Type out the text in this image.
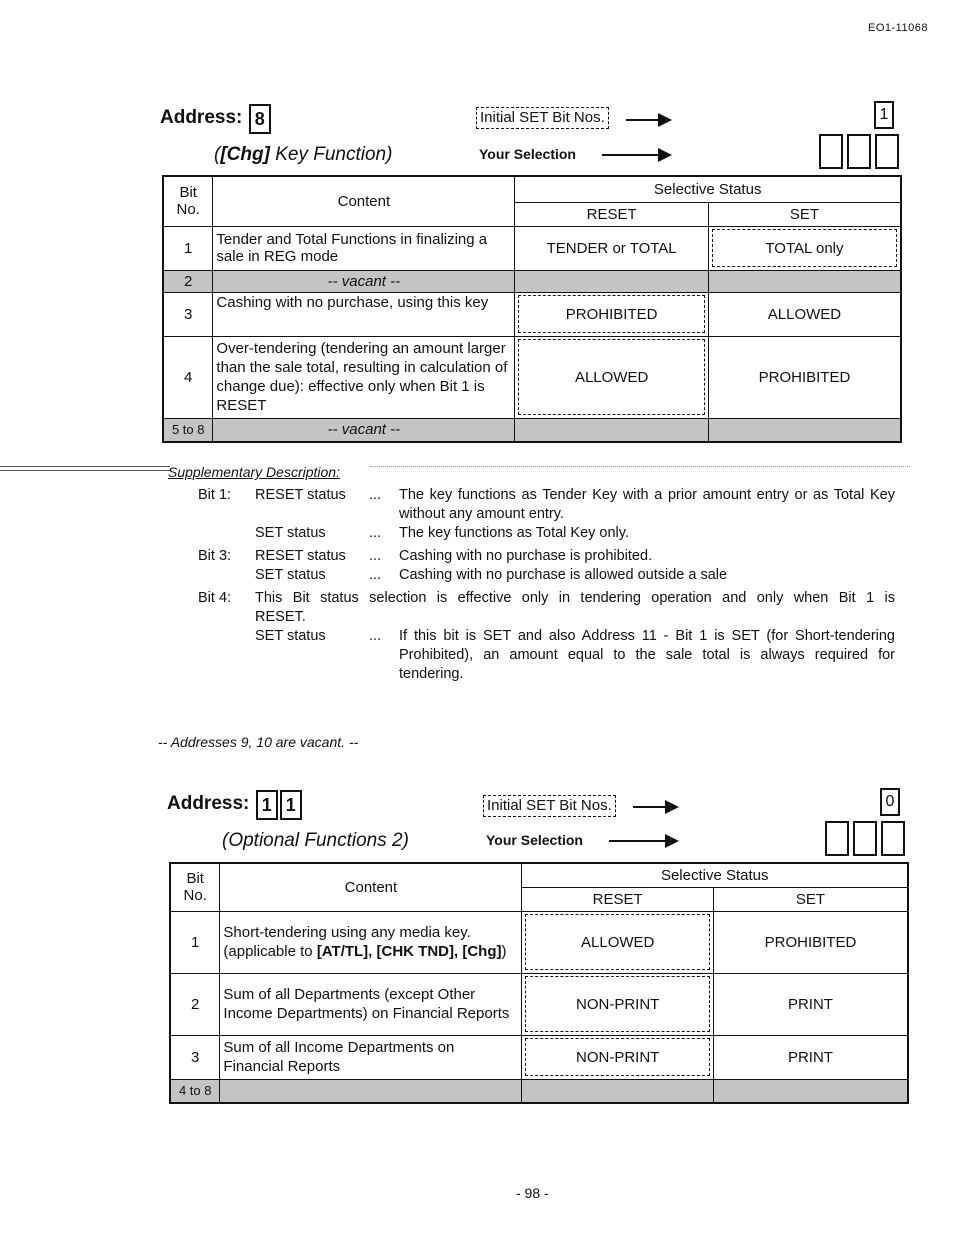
EO1-11068
Address: 8
([Chg] Key Function)
Initial SET Bit Nos.	1
Your Selection
Bit
No.	Content	Selective Status	
		RESET	SET
1	Tender and Total Functions in finalizing a sale in REG mode	TENDER or TOTAL	TOTAL only

2	-- vacant --		
3	Cashing with no purchase, using this key	PROHIBITED	ALLOWED
4	Over-tendering (tendering an amount larger than the sale total, resulting in calculation of change due): effective only when Bit 1 is RESET	ALLOWED	PROHIBITED
5 to 8	-- vacant --		
Supplementary Description:
Bit 1: RESET status ... The key functions as Tender Key with a prior amount entry or as Total Key without any amount entry.
SET status	... The key functions as Total Key only.
Bit 3: RESET status ... Cashing with no purchase is prohibited.
SET status	... Cashing with no purchase is allowed outside a sale
Bit 4: This Bit status selection is effective only in tendering operation and only when Bit 1 is
RESET.
SET status	... If this bit is SET and also Address 11 - Bit 1 is SET (for Short-tendering Prohibited), an amount equal to the sale total is always required for tendering.
-- Addresses 9, 10 are vacant. --
Address: 1 1
(Optional Functions 2)
Initial SET Bit Nos.	0
Your Selection
Bit
No.	Content	Selective Status	
		RESET	SET
1	Short-tendering using any media key. (applicable to [AT/TL], [CHK TND], [Chg])	ALLOWED	PROHIBITED
2	Sum of all Departments (except Other Income Departments) on Financial Reports	NON-PRINT	PRINT
3	Sum of all Income Departments on Financial Reports	NON-PRINT	PRINT
4 to 8			
- 98 -
